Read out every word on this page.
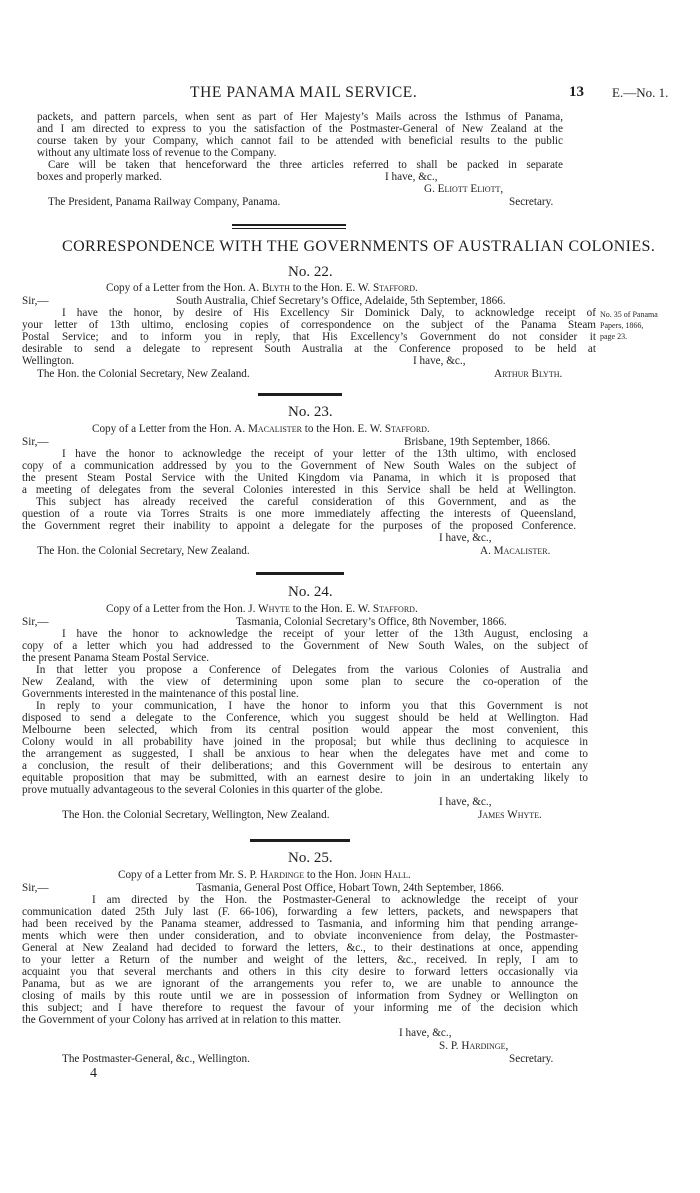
THE PANAMA MAIL SERVICE.	13 E.—No. 1.
packets, and pattern parcels, when sent as part of Her Majesty’s Mails across the Isthmus of Panama,
and I am directed to express to you the satisfaction of the Postmaster-General of New Zealand at the
course taken by your Company, which cannot fail to be attended with beneficial results to the public
without any ultimate loss of revenue to the Company.
Care will be taken that henceforward the three articles referred to shall be packed in separate
boxes and properly marked.	I have, &c.,
G. Eliott Eliott,
The President, Panama Railway Company, Panama.	Secretary.
CORRESPONDENCE WITH THE GOVERNMENTS OF AUSTRALIAN COLONIES.
No. 22.
Copy of a Letter from the Hon. A. Blyth to the Hon. E. W. Stafford.
Sir,—	South Australia, Chief Secretary’s Office, Adelaide, 5th September, 1866.
I have the honor, by desire of His Excellency Sir Dominick Daly, to acknowledge receipt of
your letter of 13th ultimo, enclosing copies of correspondence on the subject of the Panama Steam
Postal Service; and to inform you in reply, that His Excellency’s Government do not consider it
desirable to send a delegate to represent South Australia at the Conference proposed to be held at
Wellington.	I have, &c.,
The Hon. the Colonial Secretary, New Zealand.	Arthur Blyth.
No. 35 of Panama
Papers, 1866,
page 23.
No. 23.
Copy of a Letter from the Hon. A. Macalister to the Hon. E. W. Stafford.
Sir,—	Brisbane, 19th September, 1866.
I have the honor to acknowledge the receipt of your letter of the 13th ultimo, with enclosed
copy of a communication addressed by you to the Government of New South Wales on the subject of
the present Steam Postal Service with the United Kingdom via Panama, in which it is proposed that
a meeting of delegates from the several Colonies interested in this Service shall be held at Wellington.
This subject has already received the careful consideration of this Government, and as the
question of a route via Torres Straits is one more immediately affecting the interests of Queensland,
the Government regret their inability to appoint a delegate for the purposes of the proposed Conference.
I have, &c.,
The Hon. the Colonial Secretary, New Zealand.	A. Macalister.
No. 24.
Copy of a Letter from the Hon. J. Whyte to the Hon. E. W. Stafford.
Sir,—	Tasmania, Colonial Secretary’s Office, 8th November, 1866.
I have the honor to acknowledge the receipt of your letter of the 13th August, enclosing a
copy of a letter which you had addressed to the Government of New South Wales, on the subject of
the present Panama Steam Postal Service.
In that letter you propose a Conference of Delegates from the various Colonies of Australia and
New Zealand, with the view of determining upon some plan to secure the co-operation of the
Governments interested in the maintenance of this postal line.
In reply to your communication, I have the honor to inform you that this Government is not
disposed to send a delegate to the Conference, which you suggest should be held at Wellington. Had
Melbourne been selected, which from its central position would appear the most convenient, this
Colony would in all probability have joined in the proposal; but while thus declining to acquiesce in
the arrangement as suggested, I shall be anxious to hear when the delegates have met and come to
a conclusion, the result of their deliberations; and this Government will be desirous to entertain any
equitable proposition that may be submitted, with an earnest desire to join in an undertaking likely to
prove mutually advantageous to the several Colonies in this quarter of the globe.
I have, &c.,
The Hon. the Colonial Secretary, Wellington, New Zealand.	James Whyte.
No. 25.
Copy of a Letter from Mr. S. P. Hardinge to the Hon. John Hall.
Sir,—	Tasmania, General Post Office, Hobart Town, 24th September, 1866.
I am directed by the Hon. the Postmaster-General to acknowledge the receipt of your
communication dated 25th July last (F. 66-106), forwarding a few letters, packets, and newspapers that
had been received by the Panama steamer, addressed to Tasmania, and informing him that pending arrange-
ments which were then under consideration, and to obviate inconvenience from delay, the Postmaster-
General at New Zealand had decided to forward the letters, &c., to their destinations at once, appending
to your letter a Return of the number and weight of the letters, &c., received. In reply, I am to
acquaint you that several merchants and others in this city desire to forward letters occasionally via
Panama, but as we are ignorant of the arrangements you refer to, we are unable to announce the
closing of mails by this route until we are in possession of information from Sydney or Wellington on
this subject; and I have therefore to request the favour of your informing me of the decision which
the Government of your Colony has arrived at in relation to this matter.
I have, &c.,
S. P. Hardinge,
The Postmaster-General, &c., Wellington.	Secretary.
4
